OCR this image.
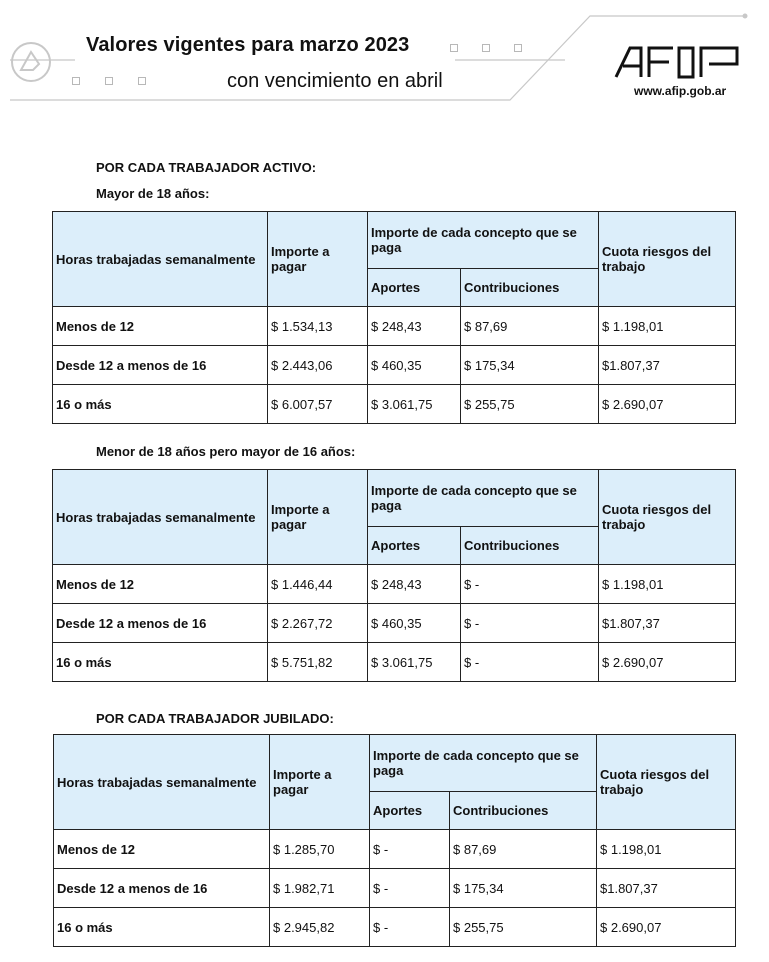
Valores vigentes para marzo 2023
con vencimiento en abril	www.afip.gob.ar
POR CADA TRABAJADOR ACTIVO:
Mayor de 18 años:
Horas trabajadas semanalmente	Importe a pagar	Importe de cada concepto que se paga		Cuota riesgos del trabajo
		Aportes	Contribuciones	
Menos de 12	$ 1.534,13	$ 248,43	$ 87,69	$ 1.198,01
Desde 12 a menos de 16	$ 2.443,06	$ 460,35	$ 175,34	$1.807,37
16 o más	$ 6.007,57	$ 3.061,75	$ 255,75	$ 2.690,07
Menor de 18 años pero mayor de 16 años:
Horas trabajadas semanalmente	Importe a pagar	Importe de cada concepto que se paga		Cuota riesgos del trabajo
		Aportes	Contribuciones	
Menos de 12	$ 1.446,44	$ 248,43	$ -	$ 1.198,01
Desde 12 a menos de 16	$ 2.267,72	$ 460,35	$ -	$1.807,37
16 o más	$ 5.751,82	$ 3.061,75	$ -	$ 2.690,07
POR CADA TRABAJADOR JUBILADO:
Horas trabajadas semanalmente	Importe a pagar	Importe de cada concepto que se paga		Cuota riesgos del trabajo
		Aportes	Contribuciones	
Menos de 12	$ 1.285,70	$ -	$ 87,69	$ 1.198,01
Desde 12 a menos de 16	$ 1.982,71	$ -	$ 175,34	$1.807,37
16 o más	$ 2.945,82	$ -	$ 255,75	$ 2.690,07
